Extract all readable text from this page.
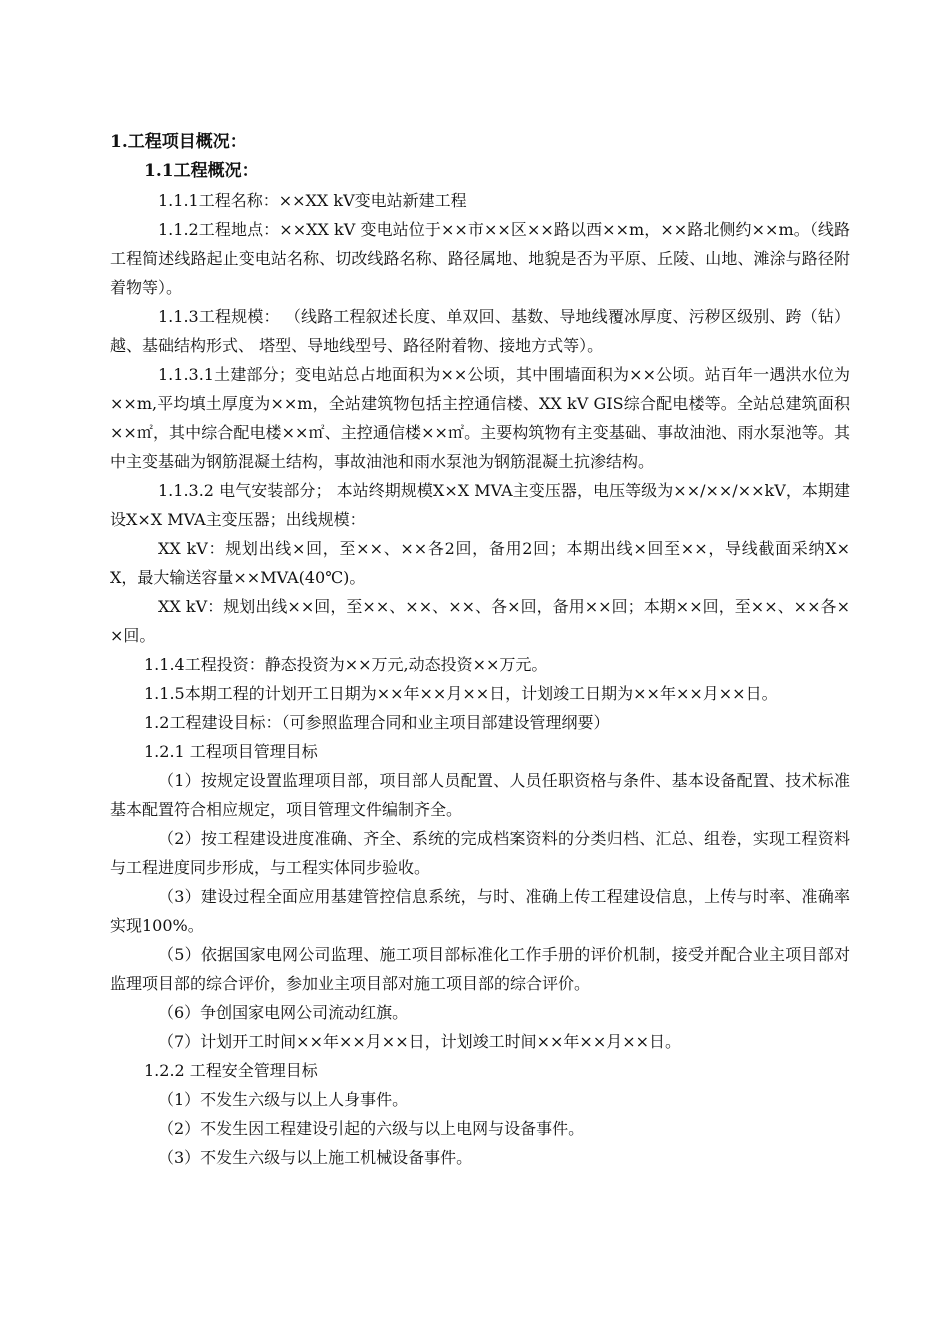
1.工程项目概况：

1.1工程概况：

1.1.1工程名称：××XX kV变电站新建工程

1.1.2工程地点：××XX kV 变电站位于××市××区××路以西××m，××路北侧约××m。（线路工程简述线路起止变电站名称、切改线路名称、路径属地、地貌是否为平原、丘陵、山地、滩涂与路径附着物等）。

1.1.3工程规模： （线路工程叙述长度、单双回、基数、导地线覆冰厚度、污秽区级别、跨（钻）越、基础结构形式、 塔型、导地线型号、路径附着物、接地方式等）。

1.1.3.1土建部分；变电站总占地面积为××公顷，其中围墙面积为××公顷。站百年一遇洪水位为××m,平均填土厚度为××m，全站建筑物包括主控通信楼、XX kV GIS综合配电楼等。全站总建筑面积××㎡，其中综合配电楼××㎡、主控通信楼××㎡。主要构筑物有主变基础、事故油池、雨水泵池等。其中主变基础为钢筋混凝土结构，事故油池和雨水泵池为钢筋混凝土抗渗结构。

1.1.3.2 电气安装部分； 本站终期规模X×X MVA主变压器，电压等级为××/××/××kV，本期建设X×X MVA主变压器；出线规模：

XX kV：规划出线×回，至××、××各2回，备用2回；本期出线×回至××，导线截面采纳X×X，最大输送容量××MVA(40℃)。

XX kV：规划出线××回，至××、××、××、各×回，备用××回；本期××回，至××、××各××回。

1.1.4工程投资：静态投资为××万元,动态投资××万元。

1.1.5本期工程的计划开工日期为××年××月××日，计划竣工日期为××年××月××日。

1.2工程建设目标：（可参照监理合同和业主项目部建设管理纲要）

1.2.1 工程项目管理目标

（1）按规定设置监理项目部，项目部人员配置、人员任职资格与条件、基本设备配置、技术标准基本配置符合相应规定，项目管理文件编制齐全。

（2）按工程建设进度准确、齐全、系统的完成档案资料的分类归档、汇总、组卷，实现工程资料与工程进度同步形成，与工程实体同步验收。

（3）建设过程全面应用基建管控信息系统，与时、准确上传工程建设信息，上传与时率、准确率实现100%。

（5）依据国家电网公司监理、施工项目部标准化工作手册的评价机制，接受并配合业主项目部对监理项目部的综合评价，参加业主项目部对施工项目部的综合评价。

（6）争创国家电网公司流动红旗。

（7）计划开工时间××年××月××日，计划竣工时间××年××月××日。

1.2.2 工程安全管理目标

（1）不发生六级与以上人身事件。

（2）不发生因工程建设引起的六级与以上电网与设备事件。

（3）不发生六级与以上施工机械设备事件。
